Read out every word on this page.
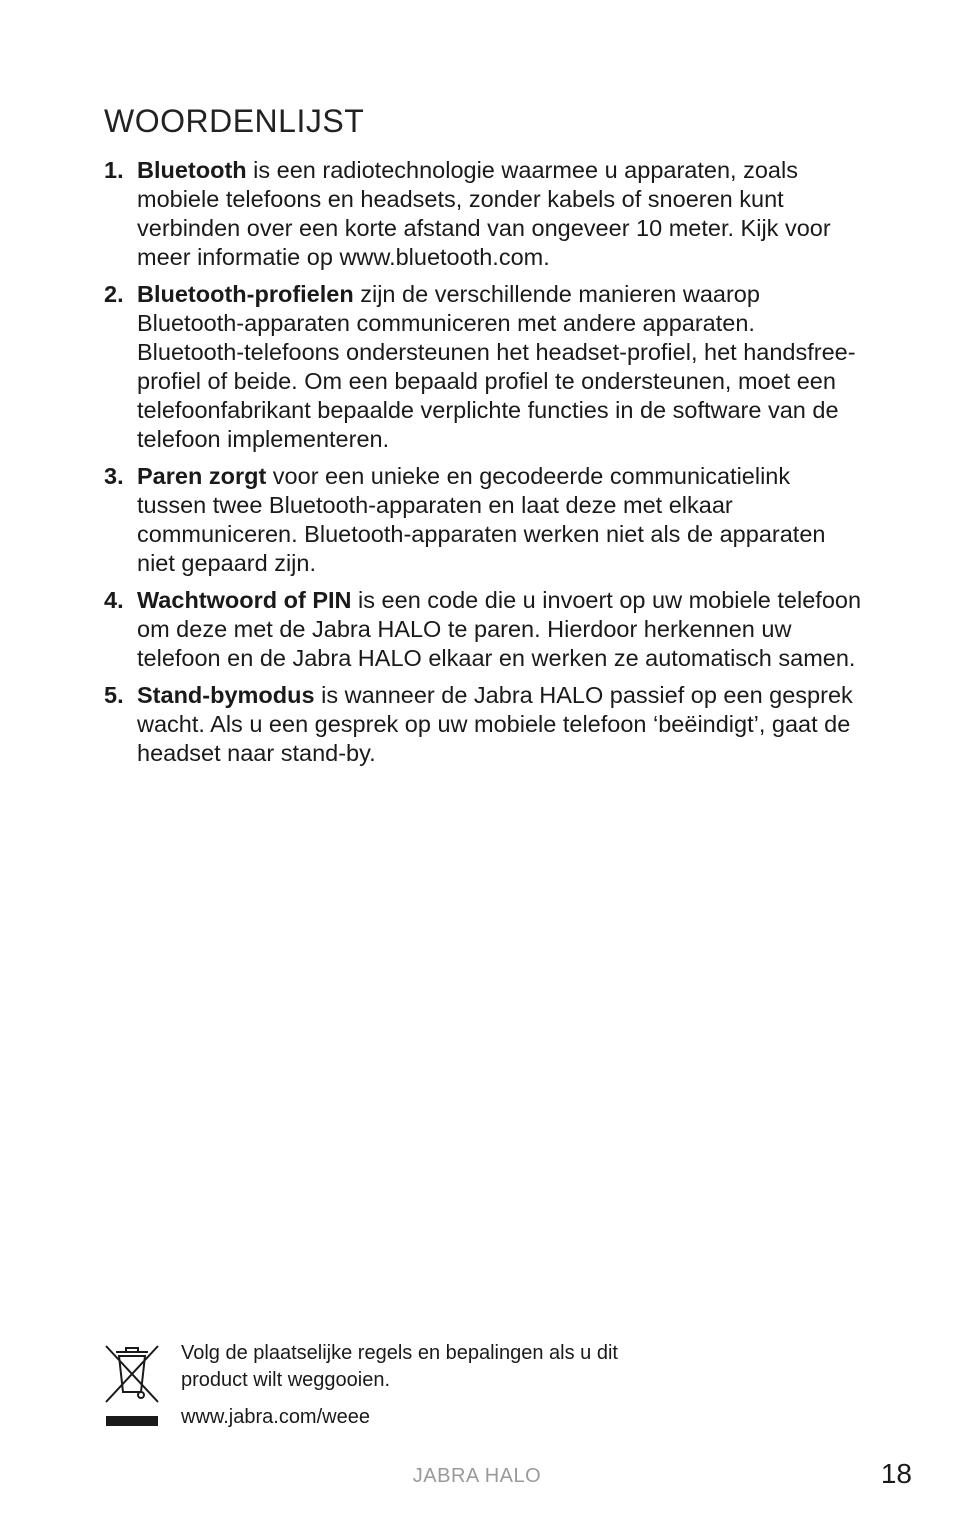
WOORDENLIJST
1. Bluetooth is een radiotechnologie waarmee u apparaten, zoals mobiele telefoons en headsets, zonder kabels of snoeren kunt verbinden over een korte afstand van ongeveer 10 meter. Kijk voor meer informatie op www.bluetooth.com.
2. Bluetooth-profielen zijn de verschillende manieren waarop Bluetooth-apparaten communiceren met andere apparaten. Bluetooth-telefoons ondersteunen het headset-profiel, het handsfree-profiel of beide. Om een bepaald profiel te ondersteunen, moet een telefoonfabrikant bepaalde verplichte functies in de software van de telefoon implementeren.
3. Paren zorgt voor een unieke en gecodeerde communicatielink tussen twee Bluetooth-apparaten en laat deze met elkaar communiceren. Bluetooth-apparaten werken niet als de apparaten niet gepaard zijn.
4. Wachtwoord of PIN is een code die u invoert op uw mobiele telefoon om deze met de Jabra HALO te paren. Hierdoor herkennen uw telefoon en de Jabra HALO elkaar en werken ze automatisch samen.
5. Stand-bymodus is wanneer de Jabra HALO passief op een gesprek wacht. Als u een gesprek op uw mobiele telefoon ‘beëindigt’, gaat de headset naar stand-by.
Volg de plaatselijke regels en bepalingen als u dit product wilt weggooien.
www.jabra.com/weee
JABRA HALO	18
